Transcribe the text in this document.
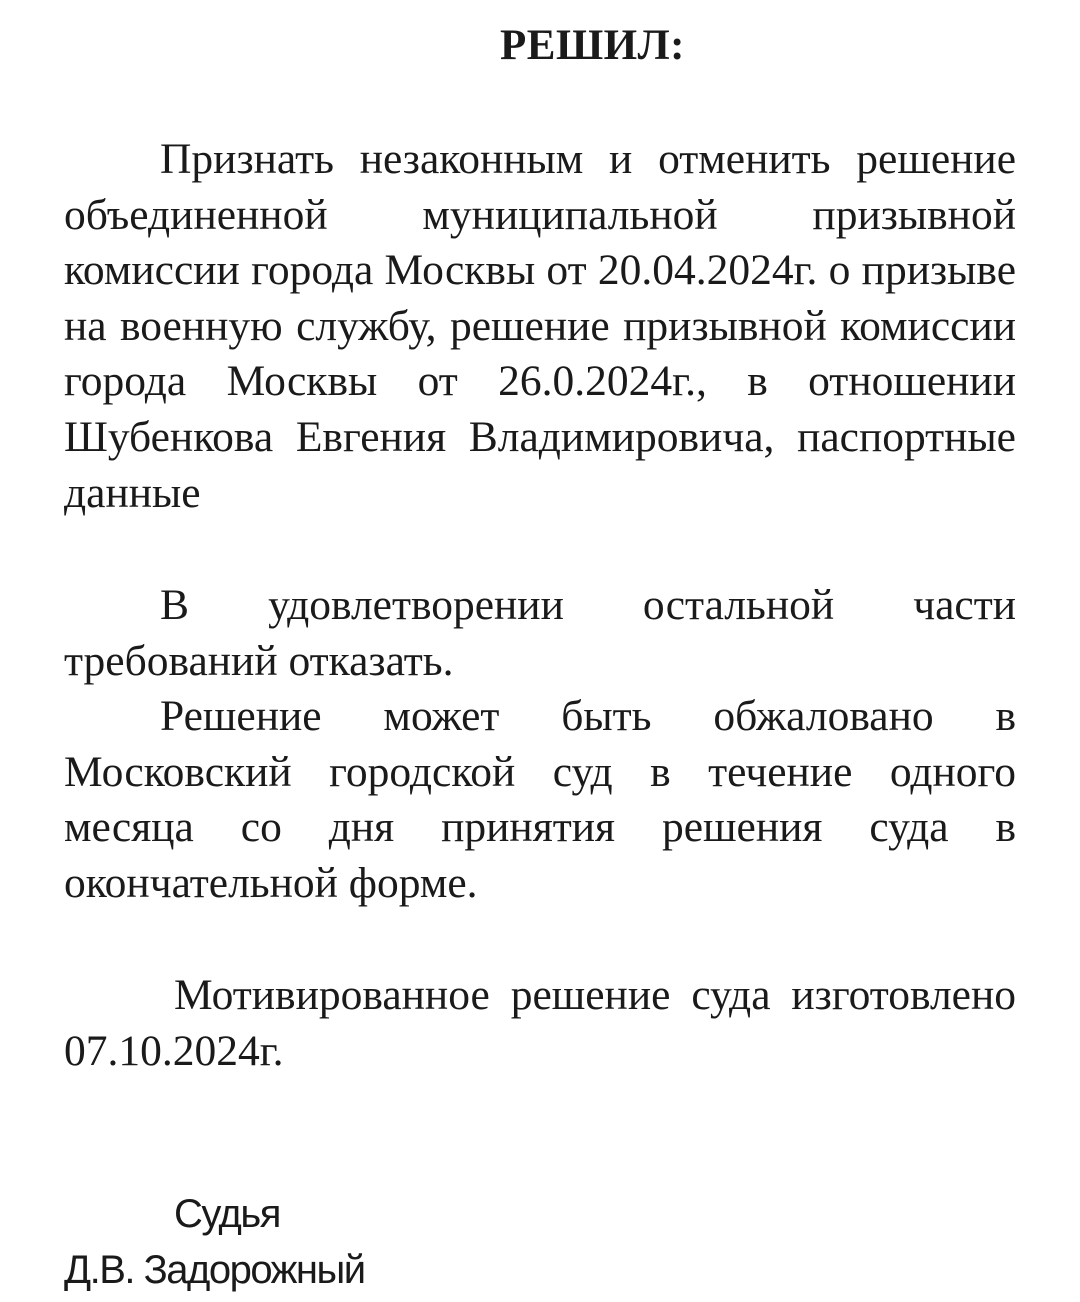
РЕШИЛ:

Признать незаконным и отменить решение объединенной муниципальной призывной комиссии города Москвы от 20.04.2024г. о призыве на военную службу, решение призывной комиссии города Москвы от 26.0.2024г., в отношении Шубенкова Евгения Владимировича, паспортные данные

В удовлетворении остальной части требований отказать.

Решение может быть обжаловано в Московский городской суд в течение одного месяца со дня принятия решения суда в окончательной форме.

Мотивированное решение суда изготовлено 07.10.2024г.

Судья
Д.В. Задорожный
